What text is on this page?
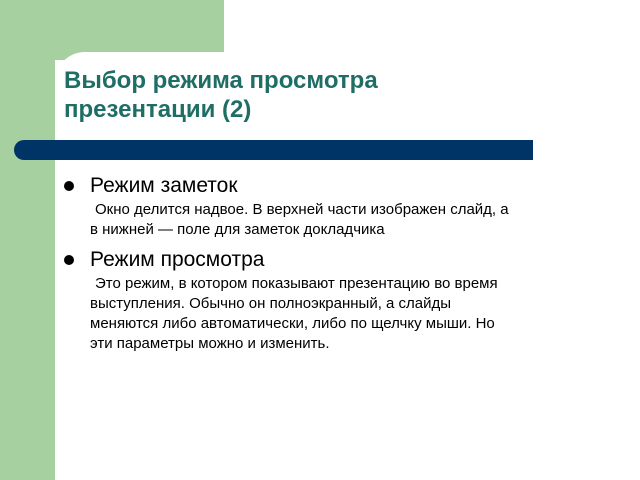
Выбор режима просмотра
презентации (2)
Режим заметок
Окно делится надвое. В верхней части изображен слайд, а
в нижней — поле для заметок докладчика
Режим просмотра
Это режим, в котором показывают презентацию во время
выступления. Обычно он полноэкранный, а слайды
меняются либо автоматически, либо по щелчку мыши. Но
эти параметры можно и изменить.
